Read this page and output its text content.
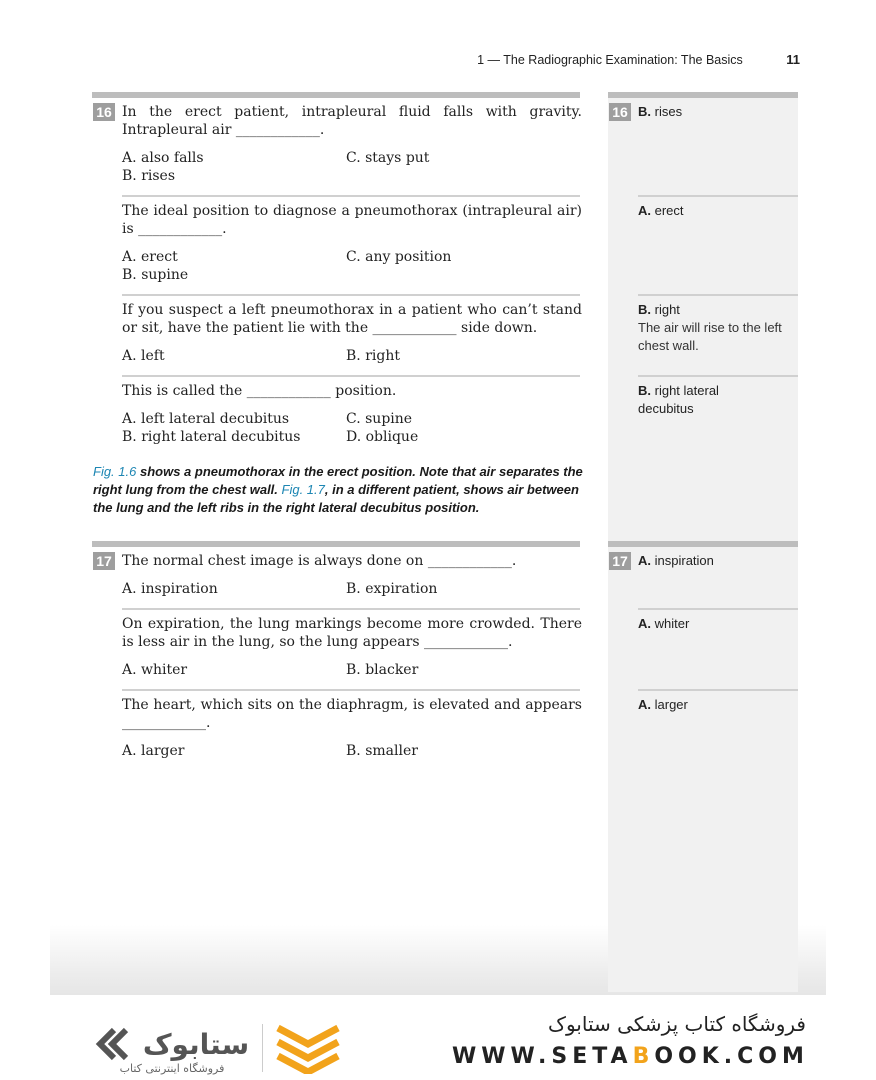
1 — The Radiographic Examination: The Basics	11
16	16
In the erect patient, intrapleural fluid falls with gravity. Intrapleural air ____________.
A. also falls	C. stays put
B. rises
B. rises
The ideal position to diagnose a pneumothorax (intrapleural air) is ____________.
A. erect	C. any position
B. supine
A. erect
If you suspect a left pneumothorax in a patient who can’t stand or sit, have the patient lie with the ____________ side down.
A. left	B. right
B. right
The air will rise to the left chest wall.
This is called the ____________ position.
A. left lateral decubitus	C. supine
B. right lateral decubitus	D. oblique
B. right lateral decubitus
Fig. 1.6 shows a pneumothorax in the erect position. Note that air separates the right lung from the chest wall. Fig. 1.7, in a different patient, shows air between the lung and the left ribs in the right lateral decubitus position.
17	17
The normal chest image is always done on ____________.
A. inspiration	B. expiration
A. inspiration
On expiration, the lung markings become more crowded. There is less air in the lung, so the lung appears ____________.
A. whiter	B. blacker
A. whiter
The heart, which sits on the diaphragm, is elevated and appears ____________.
A. larger	B. smaller
A. larger
ستابوک
فروشگاه اینترنتی کتاب
فروشگاه کتاب پزشکی ستابوک
WWW.SETABOOK.COM
